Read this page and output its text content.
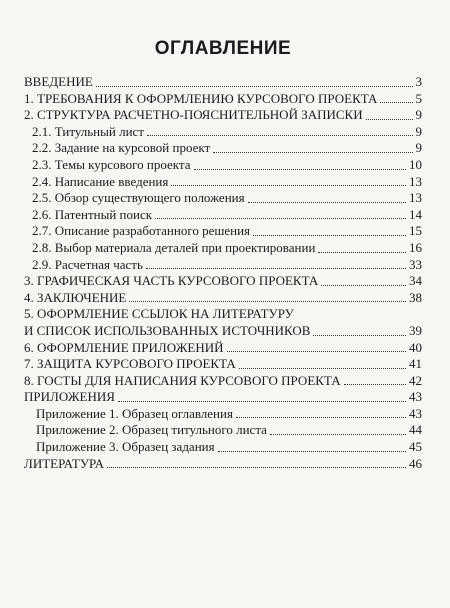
ОГЛАВЛЕНИЕ
ВВЕДЕНИЕ	3
1. ТРЕБОВАНИЯ К ОФОРМЛЕНИЮ КУРСОВОГО ПРОЕКТА	5
2. СТРУКТУРА РАСЧЕТНО-ПОЯСНИТЕЛЬНОЙ ЗАПИСКИ	9
2.1. Титульный лист	9
2.2. Задание на курсовой проект	9
2.3. Темы курсового проекта	10
2.4. Написание введения	13
2.5. Обзор существующего положения	13
2.6. Патентный поиск	14
2.7. Описание разработанного решения	15
2.8. Выбор материала деталей при проектировании	16
2.9. Расчетная часть	33
3. ГРАФИЧЕСКАЯ ЧАСТЬ КУРСОВОГО ПРОЕКТА	34
4. ЗАКЛЮЧЕНИЕ	38
5. ОФОРМЛЕНИЕ ССЫЛОК НА ЛИТЕРАТУРУ
И СПИСОК ИСПОЛЬЗОВАННЫХ ИСТОЧНИКОВ	39
6. ОФОРМЛЕНИЕ ПРИЛОЖЕНИЙ	40
7. ЗАЩИТА КУРСОВОГО ПРОЕКТА	41
8. ГОСТЫ ДЛЯ НАПИСАНИЯ КУРСОВОГО ПРОЕКТА	42
ПРИЛОЖЕНИЯ	43
Приложение 1. Образец оглавления	43
Приложение 2. Образец титульного листа	44
Приложение 3. Образец задания	45
ЛИТЕРАТУРА	46
